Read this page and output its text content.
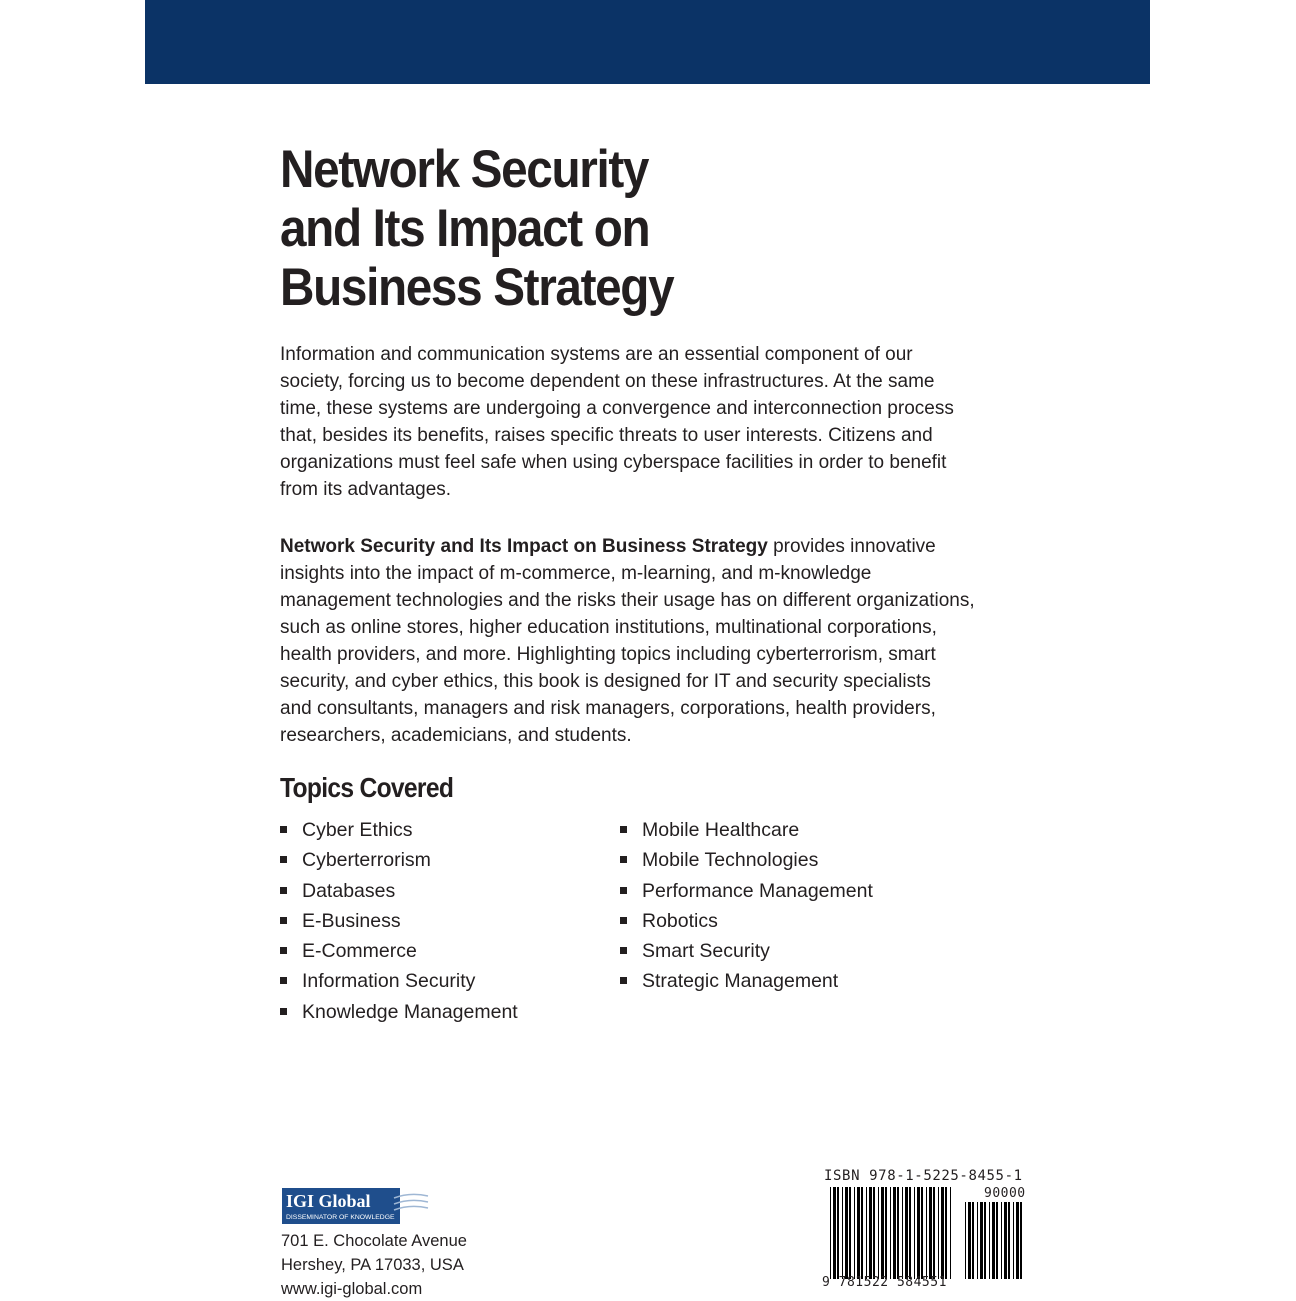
Network Security
and Its Impact on
Business Strategy

Information and communication systems are an essential component of our
society, forcing us to become dependent on these infrastructures. At the same
time, these systems are undergoing a convergence and interconnection process
that, besides its benefits, raises specific threats to user interests. Citizens and
organizations must feel safe when using cyberspace facilities in order to benefit
from its advantages.

Network Security and Its Impact on Business Strategy provides innovative
insights into the impact of m-commerce, m-learning, and m-knowledge
management technologies and the risks their usage has on different organizations,
such as online stores, higher education institutions, multinational corporations,
health providers, and more. Highlighting topics including cyberterrorism, smart
security, and cyber ethics, this book is designed for IT and security specialists
and consultants, managers and risk managers, corporations, health providers,
researchers, academicians, and students.

Topics Covered
Cyber Ethics
Cyberterrorism
Databases
E-Business
E-Commerce
Information Security
Knowledge Management
Mobile Healthcare
Mobile Technologies
Performance Management
Robotics
Smart Security
Strategic Management
IGI Global
DISSEMINATOR OF KNOWLEDGE
701 E. Chocolate Avenue
Hershey, PA 17033, USA
www.igi-global.com
ISBN 978-1-5225-8455-1
90000
9 781522 584551
